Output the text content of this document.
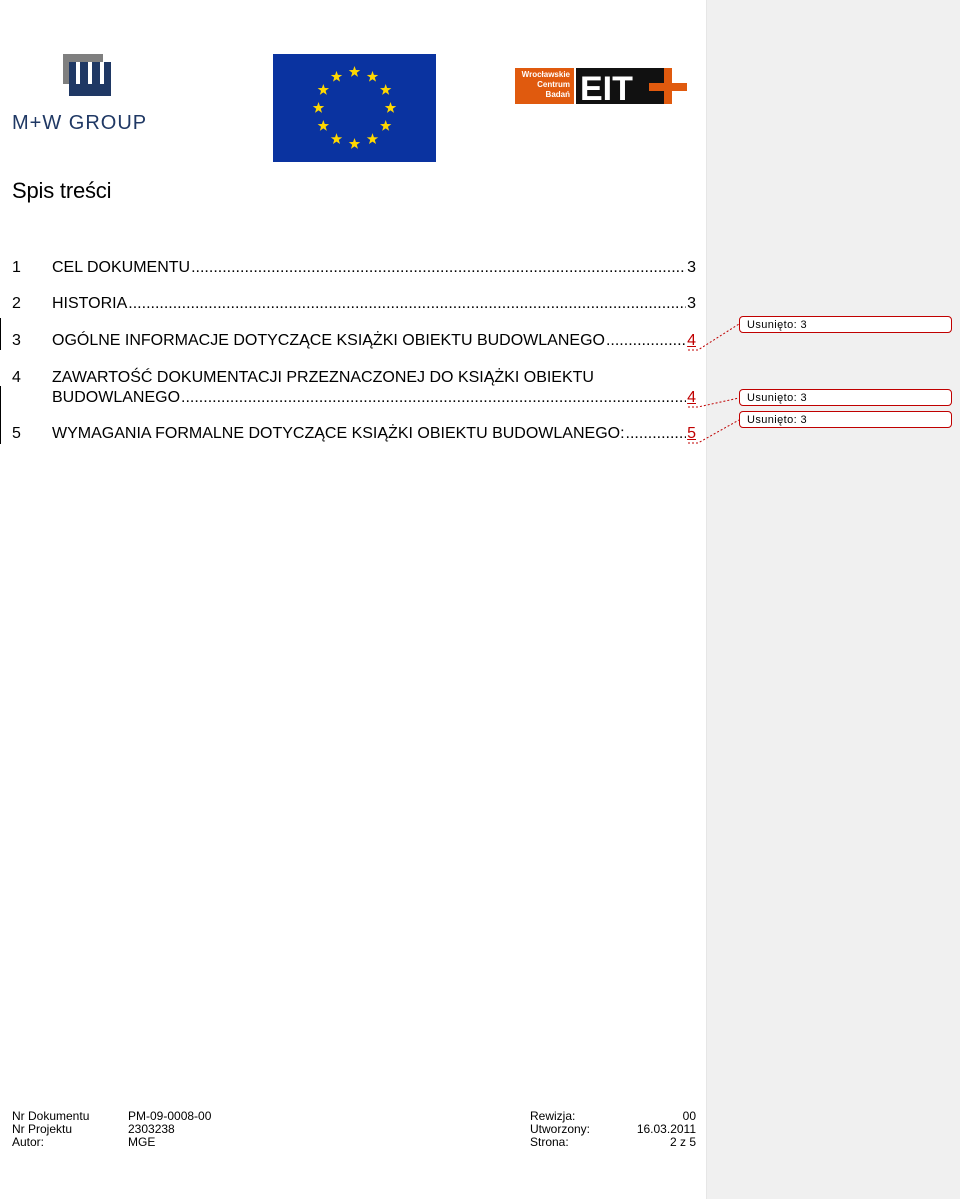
M+W GROUP
Wrocławskie
Centrum
Badań EIT
Spis treści
1	CEL DOKUMENTU .....	3
2	HISTORIA .....	3
3	OGÓLNE INFORMACJE DOTYCZĄCE KSIĄŻKI OBIEKTU BUDOWLANEGO .....	4
4	ZAWARTOŚĆ DOKUMENTACJI PRZEZNACZONEJ DO KSIĄŻKI OBIEKTU
BUDOWLANEGO .....	4
5	WYMAGANIA FORMALNE DOTYCZĄCE KSIĄŻKI OBIEKTU BUDOWLANEGO: .....	5
Nr Dokumentu	PM-09-0008-00	Rewizja:	00
Nr Projektu	2303238	Utworzony:	16.03.2011
Autor:	MGE	Strona:	2 z 5
Usunięto: 3
Usunięto: 3
Usunięto: 3
